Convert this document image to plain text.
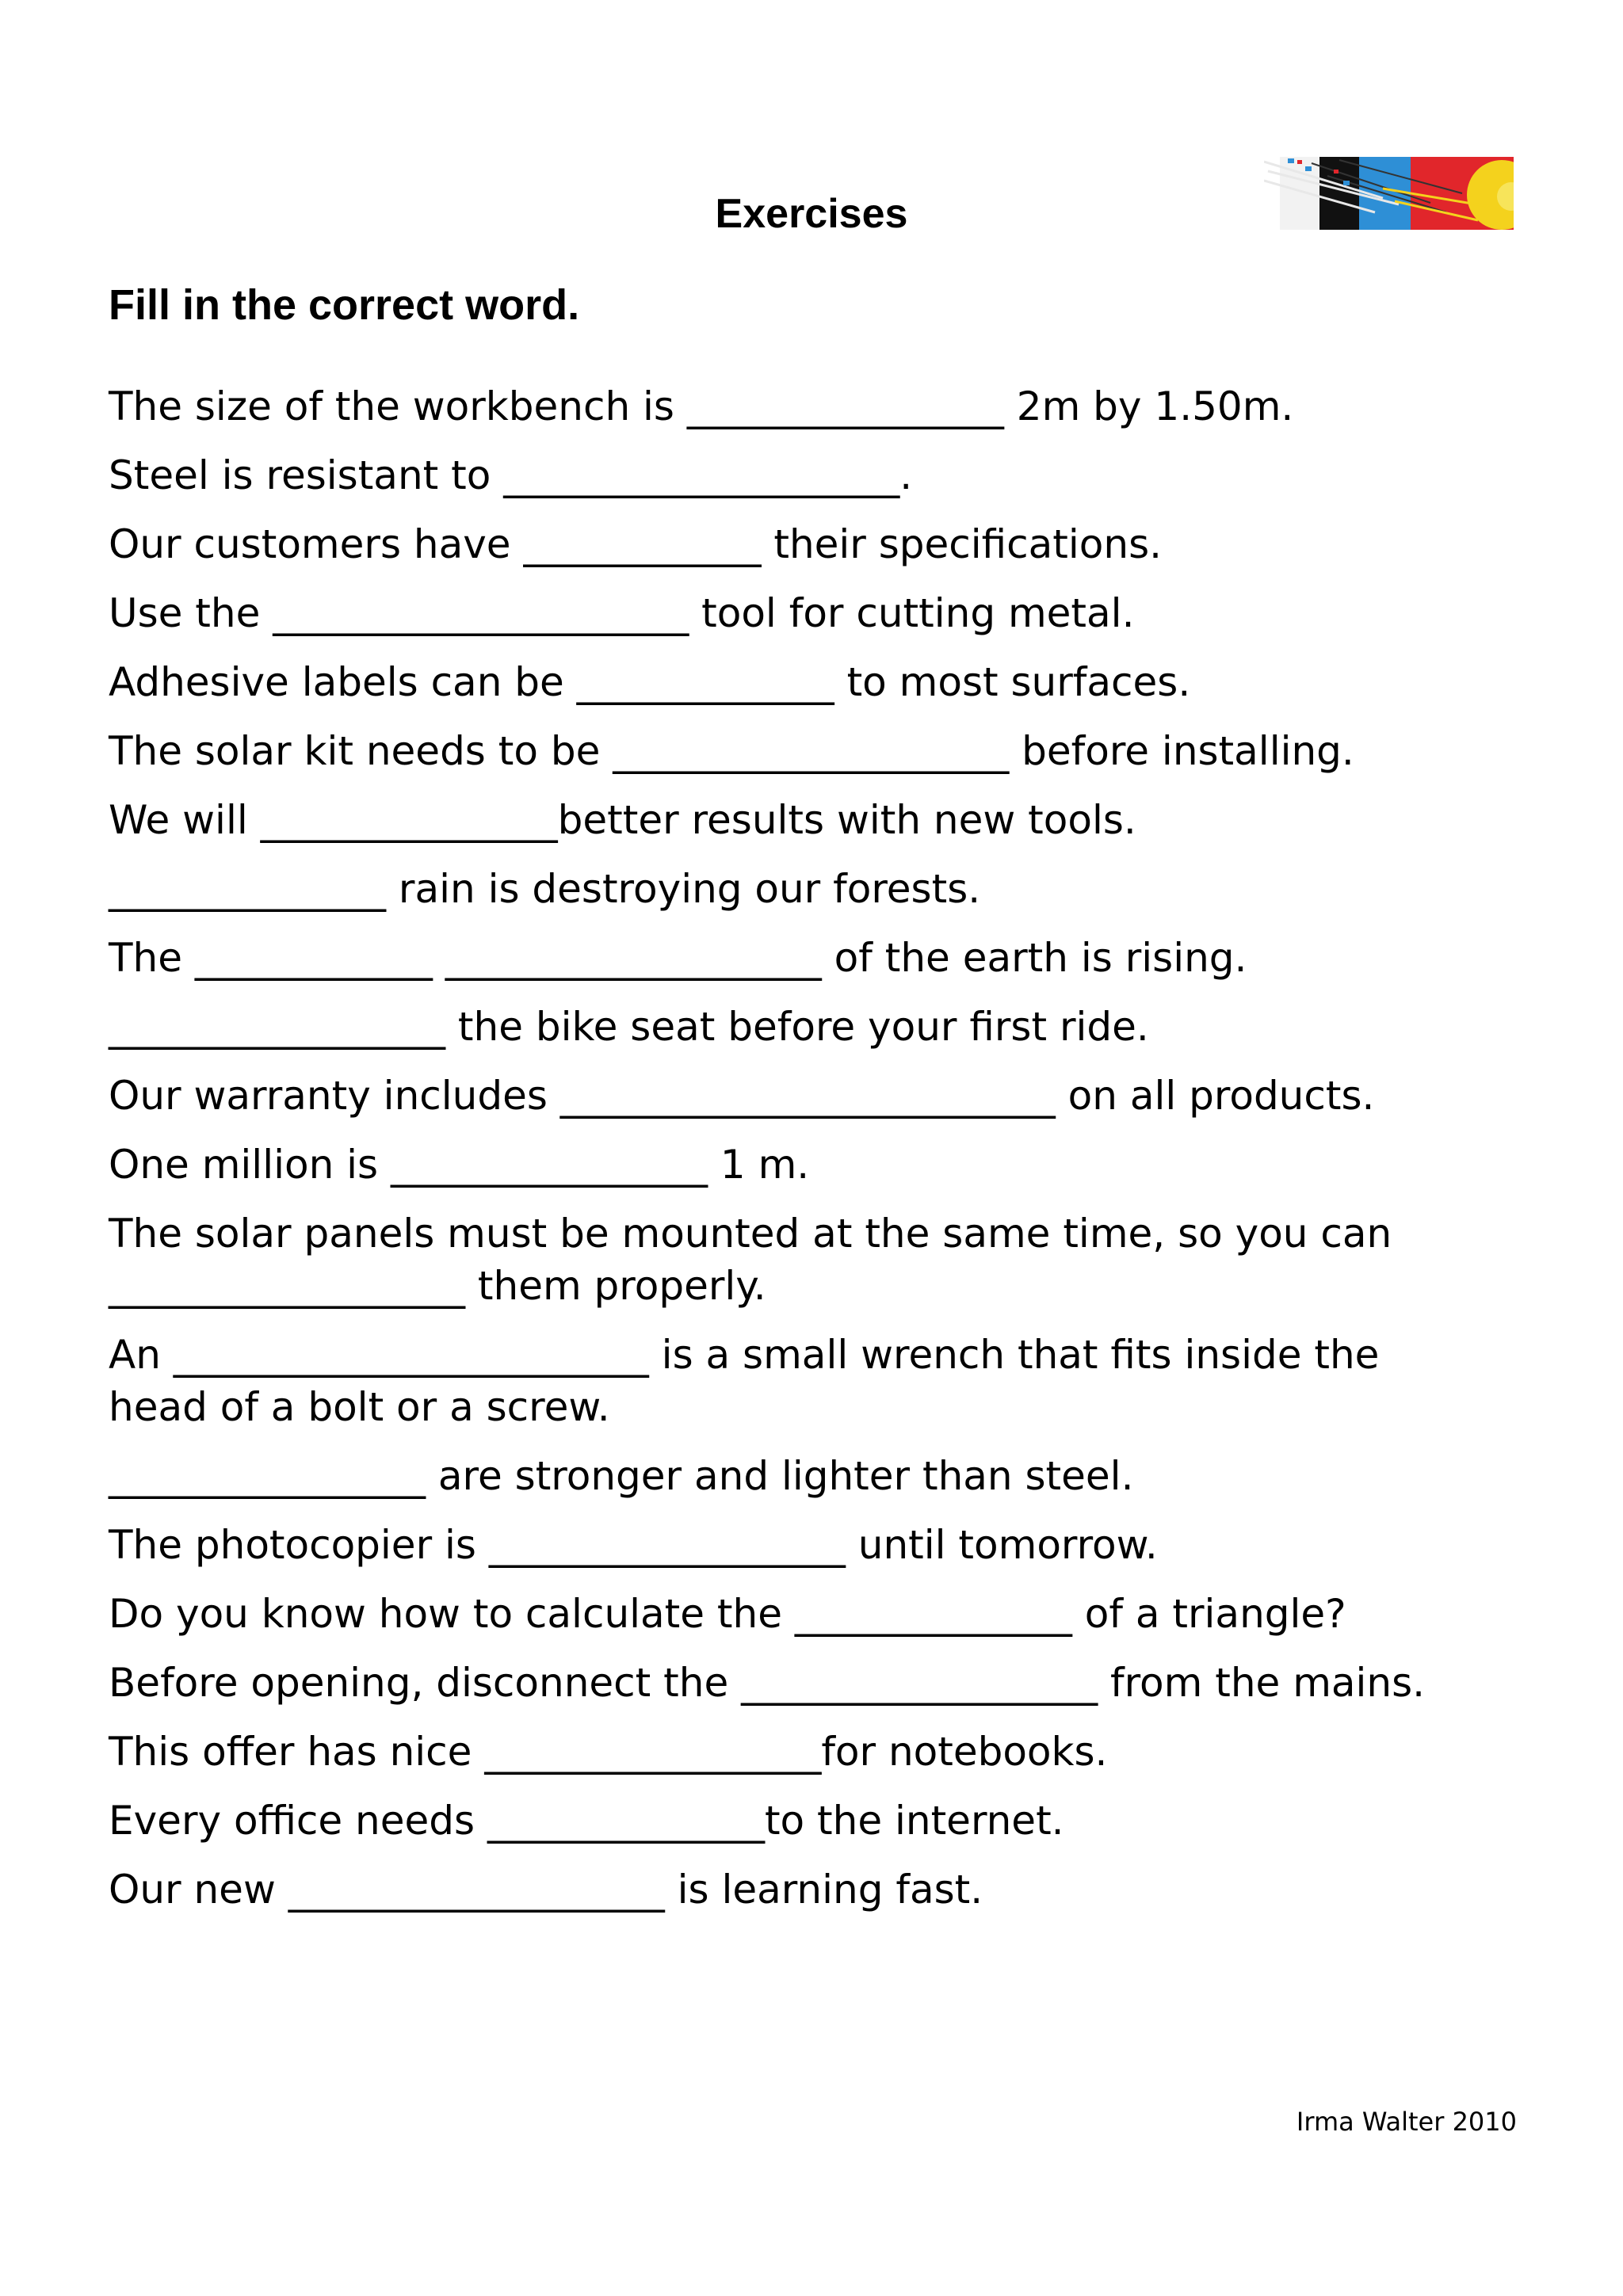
Exercises
Fill in the correct word.

The size of the workbench is ________________ 2m by 1.50m.

Steel is resistant to ____________________.

Our customers have ____________ their specifications.

Use the _____________________ tool for cutting metal.

Adhesive labels can be _____________ to most surfaces.

The solar kit needs to be ____________________ before installing.

We will _______________better results with new tools.

______________ rain is destroying our forests.

The ____________ ___________________ of the earth is rising.

_________________ the bike seat before your first ride.

Our warranty includes _________________________ on all products.

One million is ________________ 1 m.

The solar panels must be mounted at the same time, so you can
__________________ them properly.

An ________________________ is a small wrench that fits inside the
head of a bolt or a screw.

________________ are stronger and lighter than steel.

The photocopier is __________________ until tomorrow.

Do you know how to calculate the ______________ of a triangle?

Before opening, disconnect the __________________ from the mains.

This offer has nice _________________for notebooks.

Every office needs ______________to the internet.

Our new ___________________ is learning fast.

Irma Walter 2010
